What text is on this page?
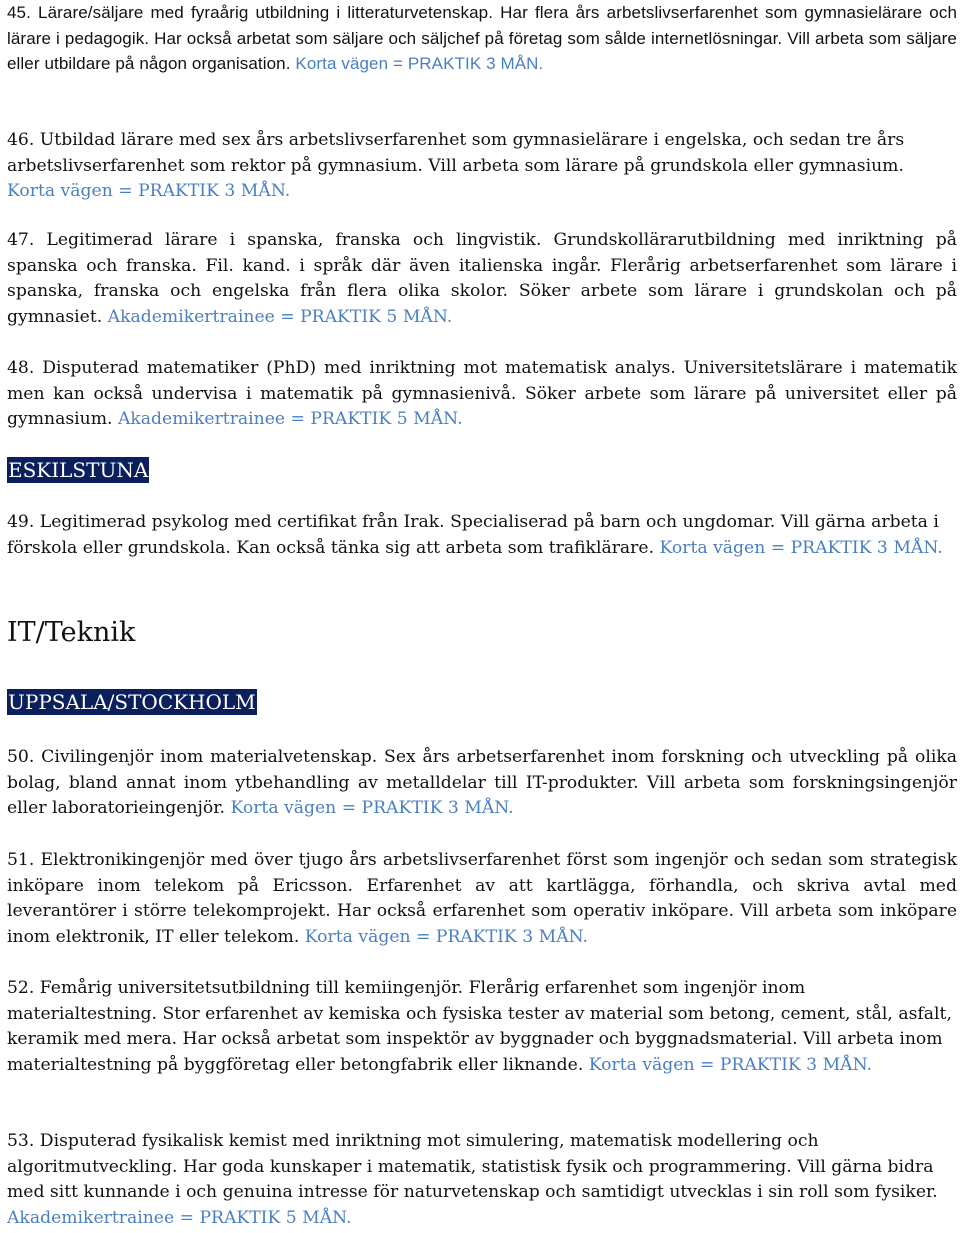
45. Lärare/säljare med fyraårig utbildning i litteraturvetenskap. Har flera års arbetslivserfarenhet som gymnasielärare och lärare i pedagogik. Har också arbetat som säljare och säljchef på företag som sålde internetlösningar. Vill arbeta som säljare eller utbildare på någon organisation. Korta vägen = PRAKTIK 3 MÅN.

46. Utbildad lärare med sex års arbetslivserfarenhet som gymnasielärare i engelska, och sedan tre års arbetslivserfarenhet som rektor på gymnasium. Vill arbeta som lärare på grundskola eller gymnasium. Korta vägen = PRAKTIK 3 MÅN.

47. Legitimerad lärare i spanska, franska och lingvistik. Grundskollärarutbildning med inriktning på spanska och franska. Fil. kand. i språk där även italienska ingår. Flerårig arbetserfarenhet som lärare i spanska, franska och engelska från flera olika skolor. Söker arbete som lärare i grundskolan och på gymnasiet. Akademikertrainee = PRAKTIK 5 MÅN.

48. Disputerad matematiker (PhD) med inriktning mot matematisk analys. Universitetslärare i matematik men kan också undervisa i matematik på gymnasienivå. Söker arbete som lärare på universitet eller på gymnasium. Akademikertrainee = PRAKTIK 5 MÅN.

ESKILSTUNA

49. Legitimerad psykolog med certifikat från Irak. Specialiserad på barn och ungdomar. Vill gärna arbeta i förskola eller grundskola. Kan också tänka sig att arbeta som trafiklärare. Korta vägen = PRAKTIK 3 MÅN.

IT/Teknik
UPPSALA/STOCKHOLM

50. Civilingenjör inom materialvetenskap. Sex års arbetserfarenhet inom forskning och utveckling på olika bolag, bland annat inom ytbehandling av metalldelar till IT-produkter. Vill arbeta som forskningsingenjör eller laboratorieingenjör. Korta vägen = PRAKTIK 3 MÅN.

51. Elektronikingenjör med över tjugo års arbetslivserfarenhet först som ingenjör och sedan som strategisk inköpare inom telekom på Ericsson. Erfarenhet av att kartlägga, förhandla, och skriva avtal med leverantörer i större telekomprojekt. Har också erfarenhet som operativ inköpare. Vill arbeta som inköpare inom elektronik, IT eller telekom. Korta vägen = PRAKTIK 3 MÅN.

52. Femårig universitetsutbildning till kemiingenjör. Flerårig erfarenhet som ingenjör inom materialtestning. Stor erfarenhet av kemiska och fysiska tester av material som betong, cement, stål, asfalt, keramik med mera. Har också arbetat som inspektör av byggnader och byggnadsmaterial. Vill arbeta inom materialtestning på byggföretag eller betongfabrik eller liknande. Korta vägen = PRAKTIK 3 MÅN.

53. Disputerad fysikalisk kemist med inriktning mot simulering, matematisk modellering och algoritmutveckling. Har goda kunskaper i matematik, statistisk fysik och programmering. Vill gärna bidra med sitt kunnande i och genuina intresse för naturvetenskap och samtidigt utvecklas i sin roll som fysiker. Akademikertrainee = PRAKTIK 5 MÅN.
